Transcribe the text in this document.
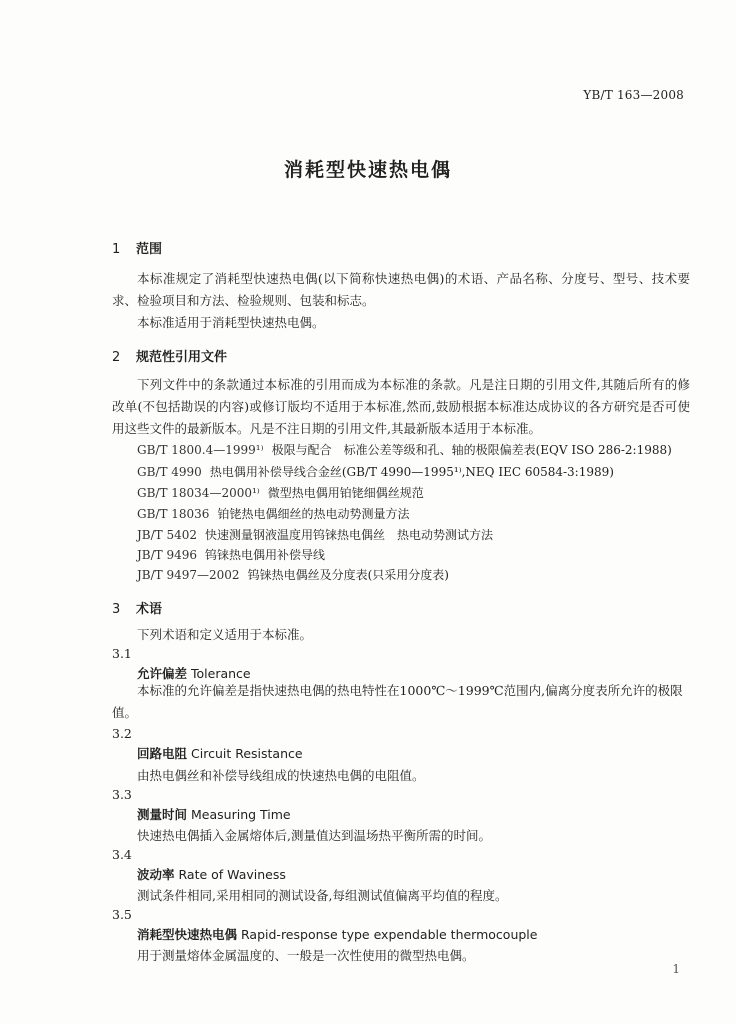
YB/T 163—2008
消耗型快速热电偶
1 范围
本标准规定了消耗型快速热电偶(以下简称快速热电偶)的术语、产品名称、分度号、型号、技术要求、检验项目和方法、检验规则、包装和标志。
本标准适用于消耗型快速热电偶。
2 规范性引用文件
下列文件中的条款通过本标准的引用而成为本标准的条款。凡是注日期的引用文件,其随后所有的修改单(不包括勘误的内容)或修订版均不适用于本标准,然而,鼓励根据本标准达成协议的各方研究是否可使用这些文件的最新版本。凡是不注日期的引用文件,其最新版本适用于本标准。
GB/T 1800.4—1999¹⁾ 极限与配合　标准公差等级和孔、轴的极限偏差表(EQV ISO 286-2:1988)
GB/T 4990 热电偶用补偿导线合金丝(GB/T 4990—1995¹⁾,NEQ IEC 60584-3:1989)
GB/T 18034—2000¹⁾ 微型热电偶用铂铑细偶丝规范
GB/T 18036 铂铑热电偶细丝的热电动势测量方法
JB/T 5402 快速测量钢液温度用钨铼热电偶丝　热电动势测试方法
JB/T 9496 钨铼热电偶用补偿导线
JB/T 9497—2002 钨铼热电偶丝及分度表(只采用分度表)
3 术语
下列术语和定义适用于本标准。
3.1
允许偏差 Tolerance
本标准的允许偏差是指快速热电偶的热电特性在1000℃～1999℃范围内,偏离分度表所允许的极限值。
3.2
回路电阻 Circuit Resistance
由热电偶丝和补偿导线组成的快速热电偶的电阻值。
3.3
测量时间 Measuring Time
快速热电偶插入金属熔体后,测量值达到温场热平衡所需的时间。
3.4
波动率 Rate of Waviness
测试条件相同,采用相同的测试设备,每组测试值偏离平均值的程度。
3.5
消耗型快速热电偶 Rapid-response type expendable thermocouple
用于测量熔体金属温度的、一般是一次性使用的微型热电偶。
1
